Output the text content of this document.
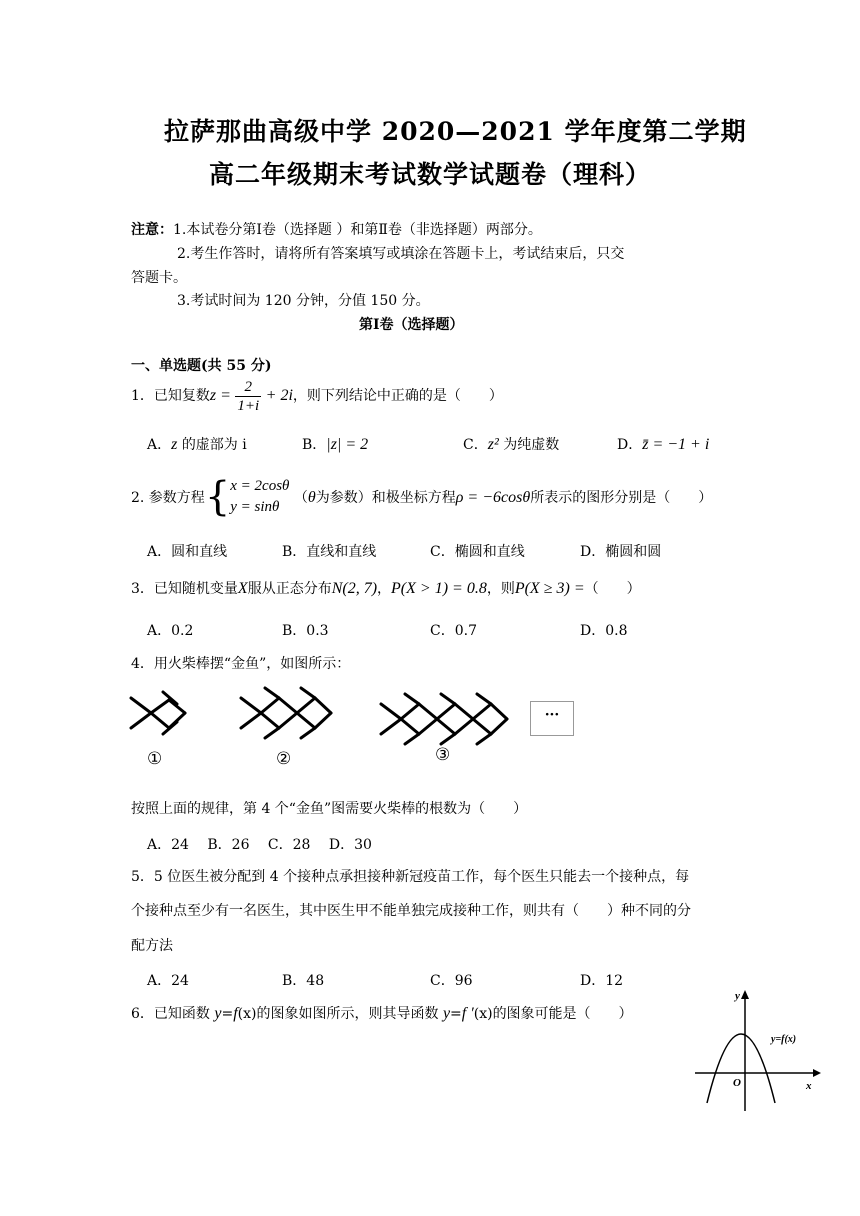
拉萨那曲高级中学 2020—2021 学年度第二学期
高二年级期末考试数学试题卷（理科）
注意：1.本试卷分第Ⅰ卷（选择题 ）和第Ⅱ卷（非选择题）两部分。
2.考生作答时，请将所有答案填写或填涂在答题卡上，考试结束后，只交
答题卡。
3.考试时间为 120 分钟，分值 150 分。
第Ⅰ卷（选择题）
一、单选题(共 55 分)
1．已知复数$z = \frac{2}{1+i} + 2i$，则下列结论中正确的是（　　）
A．z 的虚部为 i	B．|z| = 2	C．z² 为纯虚数	D．z̄ = −1 + i
2. 参数方程{ x = 2cosθ
y = sinθ
（θ为参数）和极坐标方程ρ = −6cosθ所表示的图形分别是（　　）
A．圆和直线	B．直线和直线	C．椭圆和直线	D．椭圆和圆
3．已知随机变量X服从正态分布N(2, 7)，P(X > 1) = 0.8，则P(X ≥ 3) =（　　）
A．0.2	B．0.3	C．0.7	D．0.8
4．用火柴棒摆“金鱼”，如图所示：
···
①	②	③
按照上面的规律，第 4 个“金鱼”图需要火柴棒的根数为（　　）
A．24　 B．26 　C．28 　D．30
5．5 位医生被分配到 4 个接种点承担接种新冠疫苗工作，每个医生只能去一个接种点，每
个接种点至少有一名医生，其中医生甲不能单独完成接种工作，则共有（　　）种不同的分
配方法
A．24	B．48	C．96	D．12
6．已知函数 y=f(x)的图象如图所示，则其导函数 y=f ′(x)的图象可能是（　　）
y
x
O
y=f(x)
